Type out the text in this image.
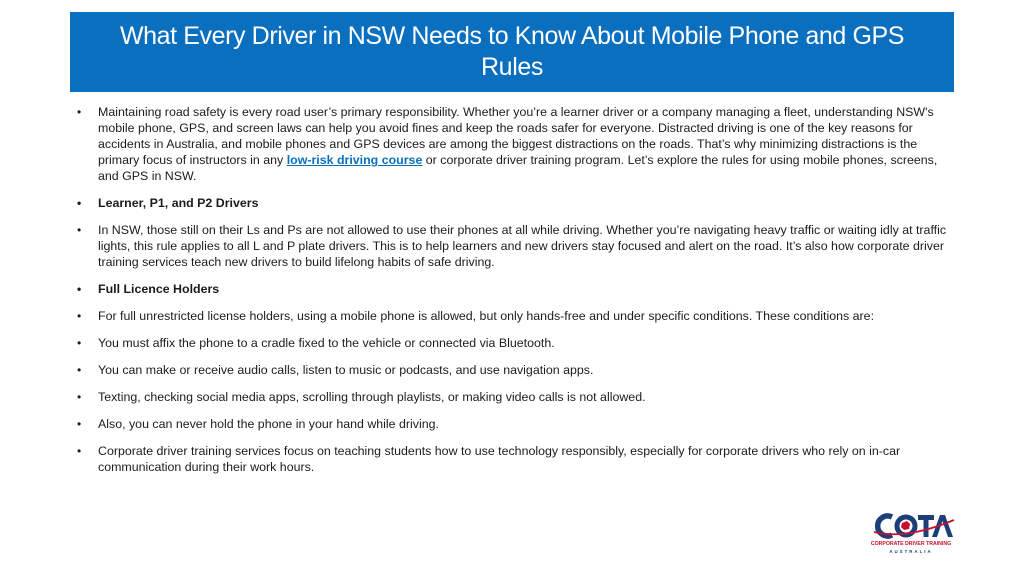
What Every Driver in NSW Needs to Know About Mobile Phone and GPS Rules
• Maintaining road safety is every road user’s primary responsibility. Whether you’re a learner driver or a company managing a fleet, understanding NSW's mobile phone, GPS, and screen laws can help you avoid fines and keep the roads safer for everyone. Distracted driving is one of the key reasons for accidents in Australia, and mobile phones and GPS devices are among the biggest distractions on the roads. That’s why minimizing distractions is the primary focus of instructors in any low-risk driving course or corporate driver training program. Let’s explore the rules for using mobile phones, screens, and GPS in NSW.
• Learner, P1, and P2 Drivers
• In NSW, those still on their Ls and Ps are not allowed to use their phones at all while driving. Whether you’re navigating heavy traffic or waiting idly at traffic lights, this rule applies to all L and P plate drivers. This is to help learners and new drivers stay focused and alert on the road. It’s also how corporate driver training services teach new drivers to build lifelong habits of safe driving.
• Full Licence Holders
• For full unrestricted license holders, using a mobile phone is allowed, but only hands-free and under specific conditions. These conditions are:
• You must affix the phone to a cradle fixed to the vehicle or connected via Bluetooth.
• You can make or receive audio calls, listen to music or podcasts, and use navigation apps.
• Texting, checking social media apps, scrolling through playlists, or making video calls is not allowed.
• Also, you can never hold the phone in your hand while driving.
• Corporate driver training services focus on teaching students how to use technology responsibly, especially for corporate drivers who rely on in-car communication during their work hours.
CORPORATE DRIVER TRAINING
AUSTRALIA
